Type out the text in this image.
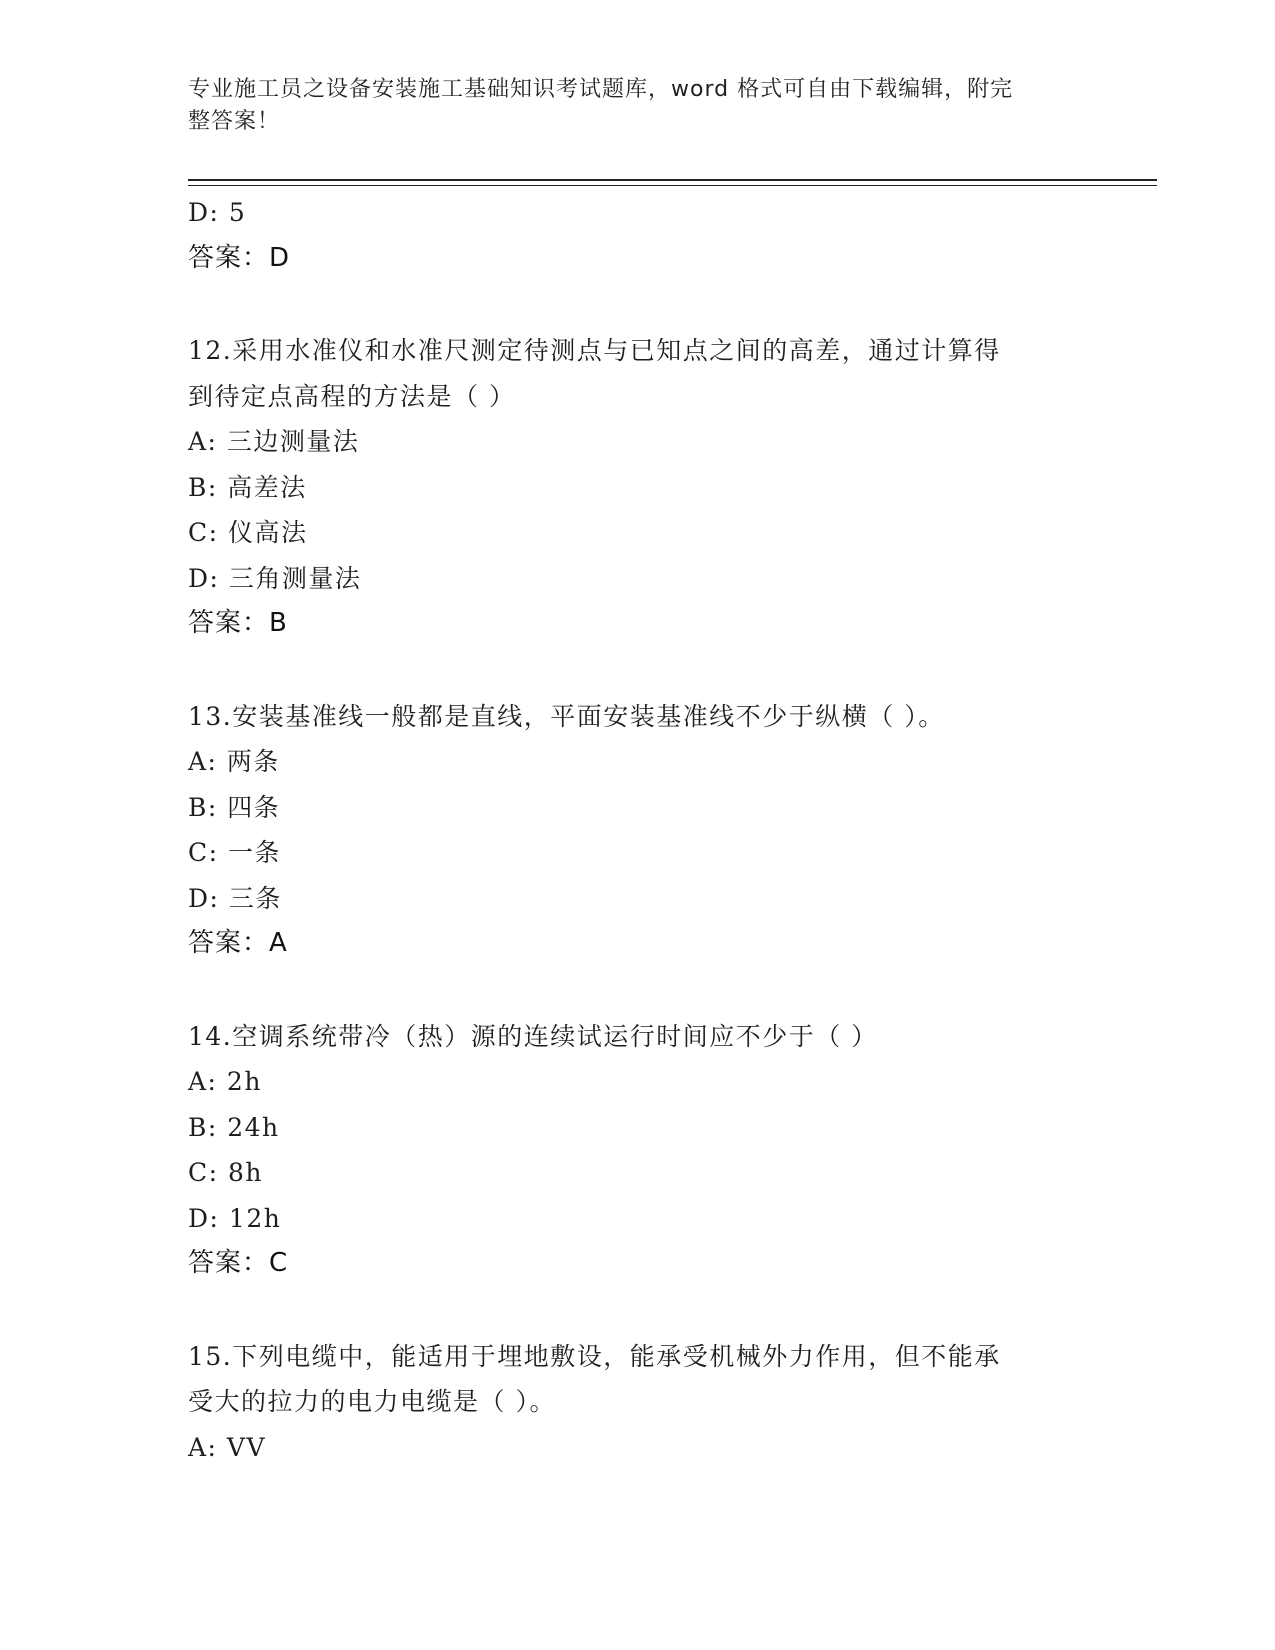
专业施工员之设备安装施工基础知识考试题库，word 格式可自由下载编辑，附完
整答案！
D: 5
答案：D
12.采用水准仪和水准尺测定待测点与已知点之间的高差，通过计算得
到待定点高程的方法是（ ）
A: 三边测量法
B: 高差法
C: 仪高法
D: 三角测量法
答案：B
13.安装基准线一般都是直线，平面安装基准线不少于纵横（ ）。
A: 两条
B: 四条
C: 一条
D: 三条
答案：A
14.空调系统带冷（热）源的连续试运行时间应不少于（ ）
A: 2h
B: 24h
C: 8h
D: 12h
答案：C
15.下列电缆中，能适用于埋地敷设，能承受机械外力作用，但不能承
受大的拉力的电力电缆是（ ）。
A: VV
